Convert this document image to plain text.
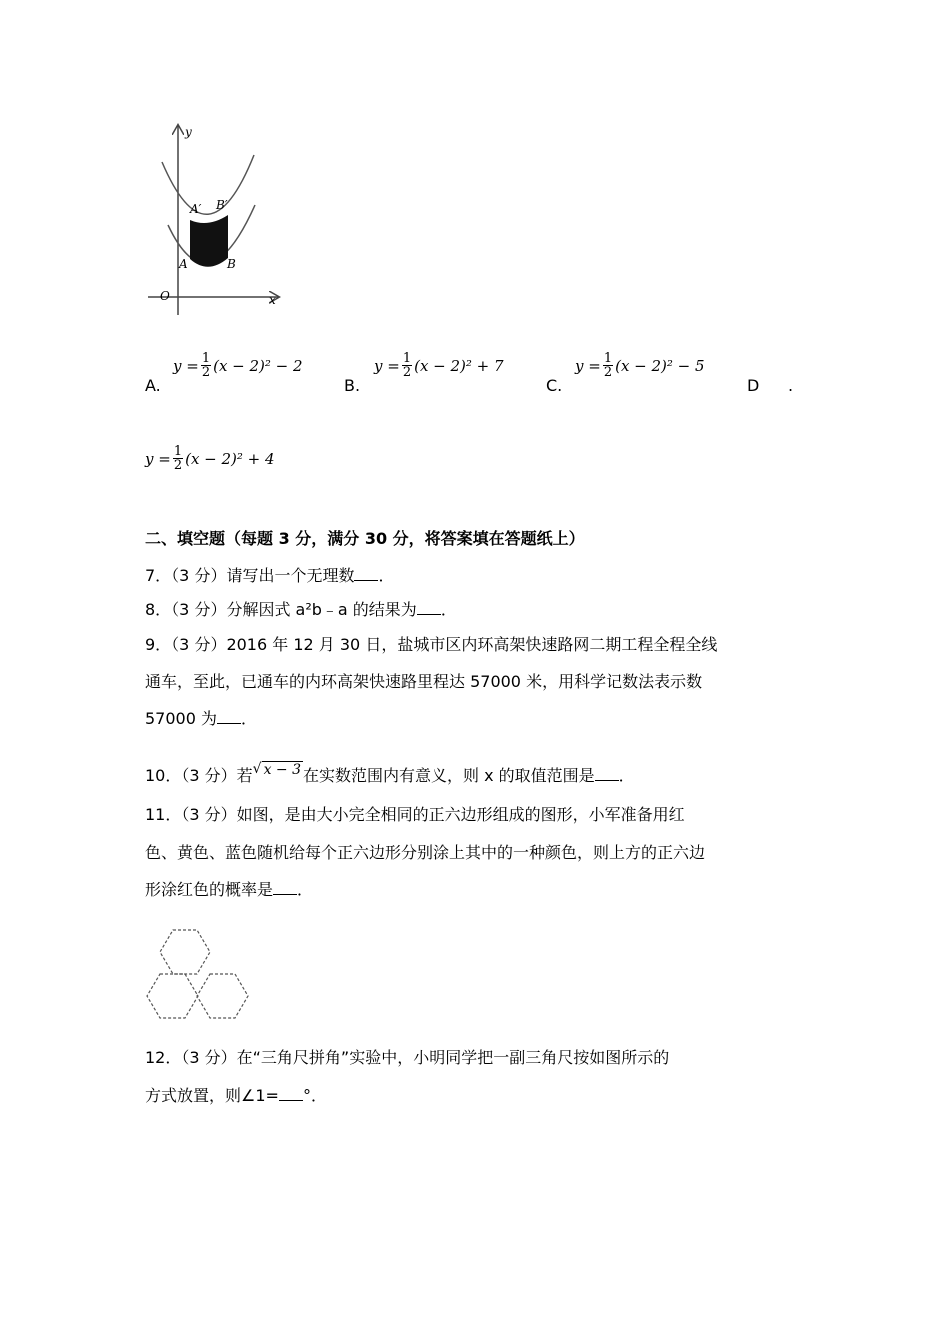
y
x
O
A′ B′
A	B
A.
$y = \frac{1}{2} (x - 2)^2 - 2$
B.
$y = \frac{1}{2} (x - 2)^2 + 7$
C.
$y = \frac{1}{2} (x - 2)^2 - 5$
D .
$y = \frac{1}{2} (x - 2)^2 + 4$
二、填空题（每题 3 分，满分 30 分，将答案填在答题纸上）
7．（3 分）请写出一个无理数 ．
8．（3 分）分解因式 a²b﹣a 的结果为 ．
9．（3 分）2016 年 12 月 30 日，盐城市区内环高架快速路网二期工程全程全线
通车，至此，已通车的内环高架快速路里程达 57000 米，用科学记数法表示数
57000 为 ．
10．（3 分）若 √ x − 3 在实数范围内有意义，则 x 的取值范围是 ．
11．（3 分）如图，是由大小完全相同的正六边形组成的图形，小军准备用红
色、黄色、蓝色随机给每个正六边形分别涂上其中的一种颜色，则上方的正六边
形涂红色的概率是 ．
12．（3 分）在“三角尺拼角”实验中，小明同学把一副三角尺按如图所示的
方式放置，则∠1= °．
